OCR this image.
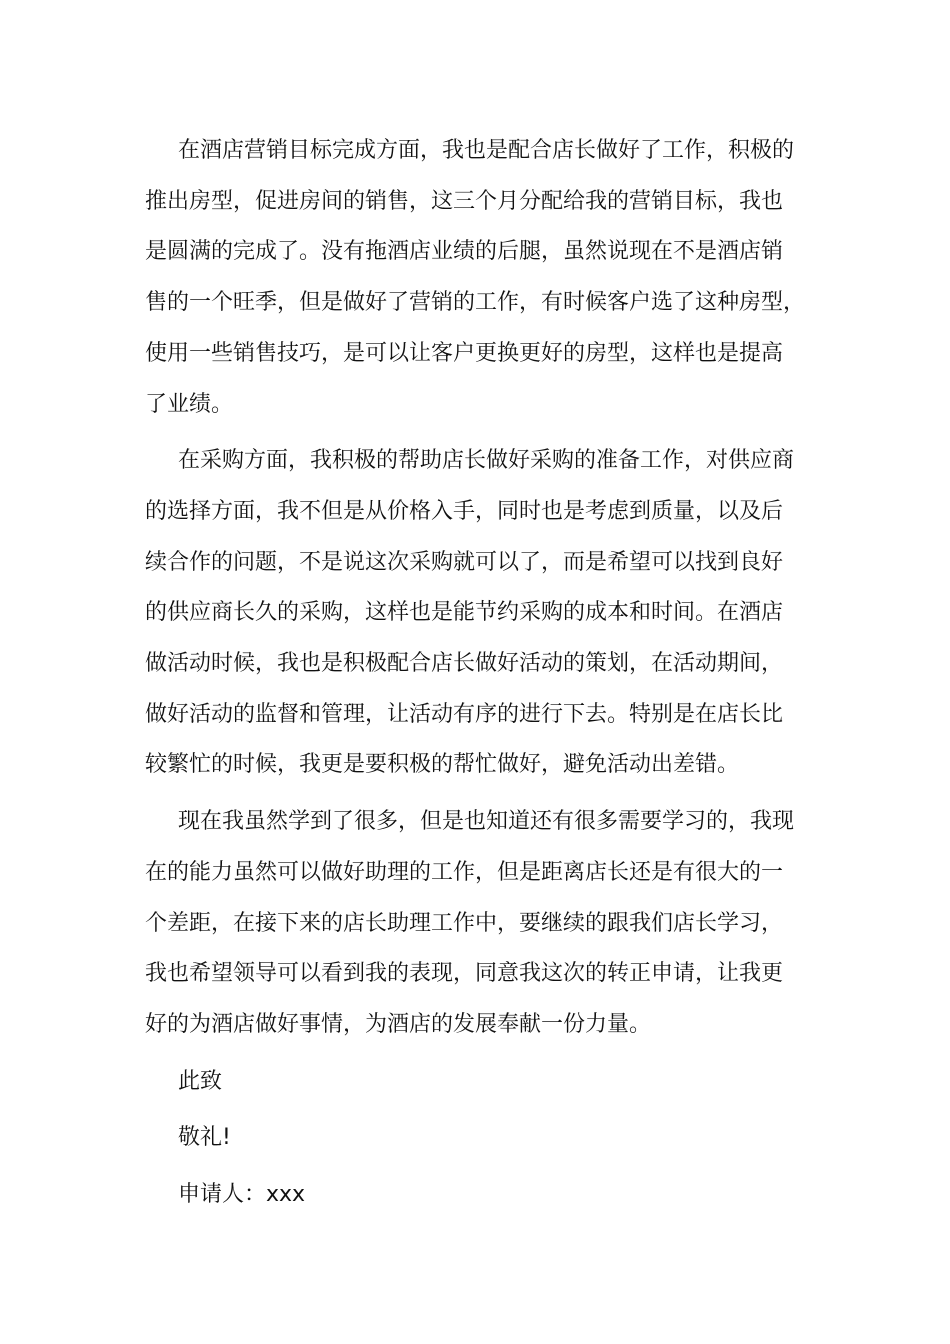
在酒店营销目标完成方面，我也是配合店长做好了工作，积极的
推出房型，促进房间的销售，这三个月分配给我的营销目标，我也
是圆满的完成了。没有拖酒店业绩的后腿，虽然说现在不是酒店销
售的一个旺季，但是做好了营销的工作，有时候客户选了这种房型，
使用一些销售技巧，是可以让客户更换更好的房型，这样也是提高
了业绩。
在采购方面，我积极的帮助店长做好采购的准备工作，对供应商
的选择方面，我不但是从价格入手，同时也是考虑到质量，以及后
续合作的问题，不是说这次采购就可以了，而是希望可以找到良好
的供应商长久的采购，这样也是能节约采购的成本和时间。在酒店
做活动时候，我也是积极配合店长做好活动的策划，在活动期间，
做好活动的监督和管理，让活动有序的进行下去。特别是在店长比
较繁忙的时候，我更是要积极的帮忙做好，避免活动出差错。
现在我虽然学到了很多，但是也知道还有很多需要学习的，我现
在的能力虽然可以做好助理的工作，但是距离店长还是有很大的一
个差距，在接下来的店长助理工作中，要继续的跟我们店长学习，
我也希望领导可以看到我的表现，同意我这次的转正申请，让我更
好的为酒店做好事情，为酒店的发展奉献一份力量。
此致
敬礼!
申请人：xxx
